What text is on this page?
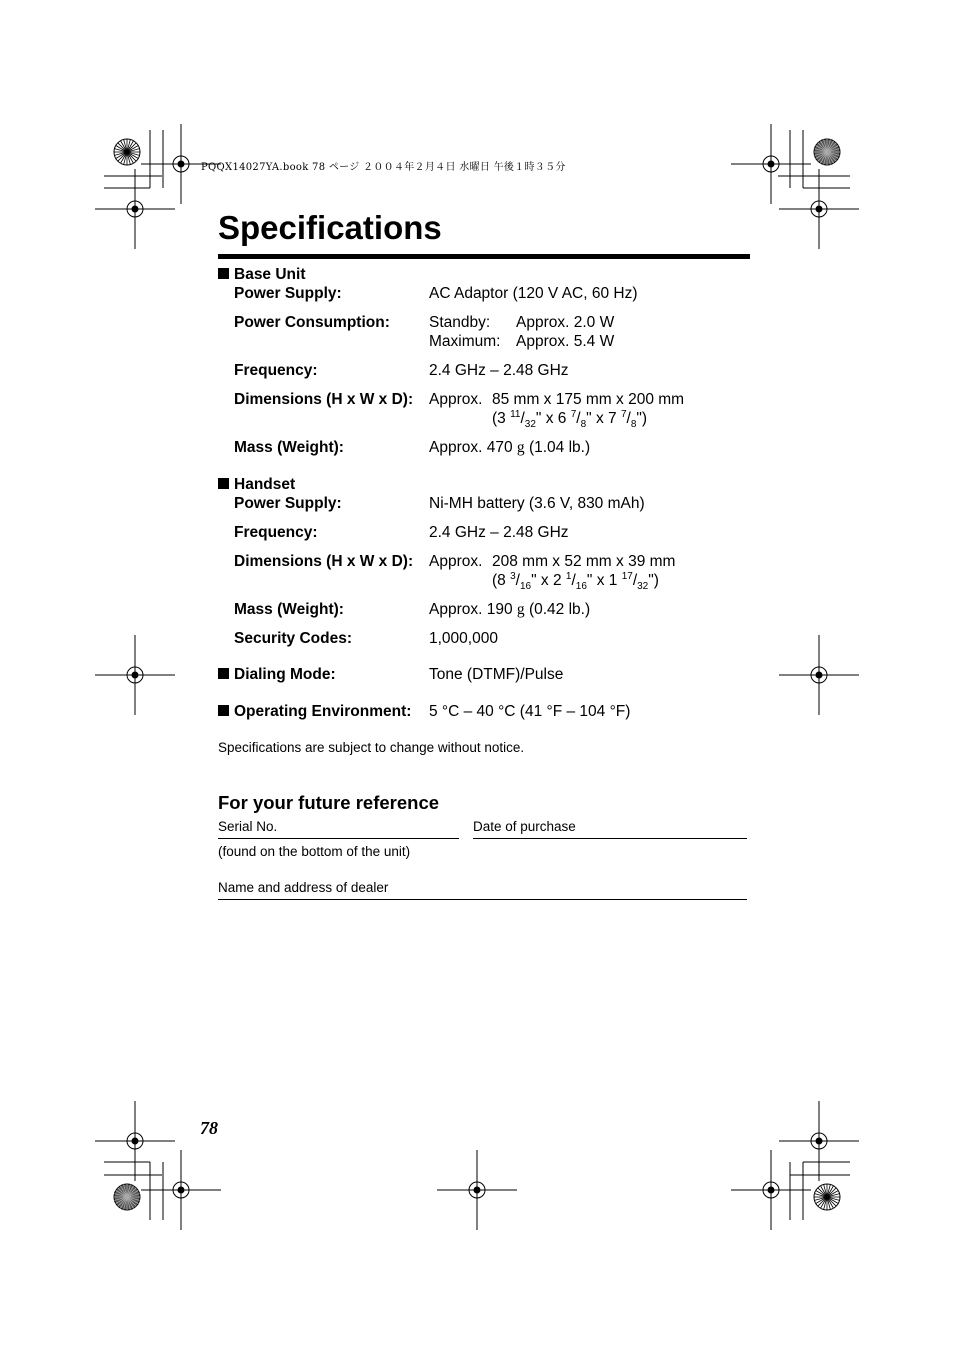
PQQX14027YA.book 78 ページ ２００４年２月４日 水曜日 午後１時３５分
Specifications
Base Unit
Power Supply:	AC Adaptor (120 V AC, 60 Hz)
Power Consumption:	Standby: Approx. 2.0 W
Maximum: Approx. 5.4 W
Frequency:	2.4 GHz – 2.48 GHz
Dimensions (H x W x D): Approx. 85 mm x 175 mm x 200 mm
(3 $^{11}/_{32}$" x 6 $^7/_8$" x 7 $^7/_8$")
Mass (Weight):	Approx. 470 g (1.04 lb.)
Handset
Power Supply:	Ni-MH battery (3.6 V, 830 mAh)
Frequency:	2.4 GHz – 2.48 GHz
Dimensions (H x W x D): Approx. 208 mm x 52 mm x 39 mm
(8 $^3/_{16}$" x 2 $^1/_{16}$" x 1 $^{17}/_{32}$")
Mass (Weight):	Approx. 190 g (0.42 lb.)
Security Codes:	1,000,000
Dialing Mode:	Tone (DTMF)/Pulse
Operating Environment: 5 °C – 40 °C (41 °F – 104 °F)
Specifications are subject to change without notice.
For your future reference
Serial No.	Date of purchase
(found on the bottom of the unit)
Name and address of dealer
78
